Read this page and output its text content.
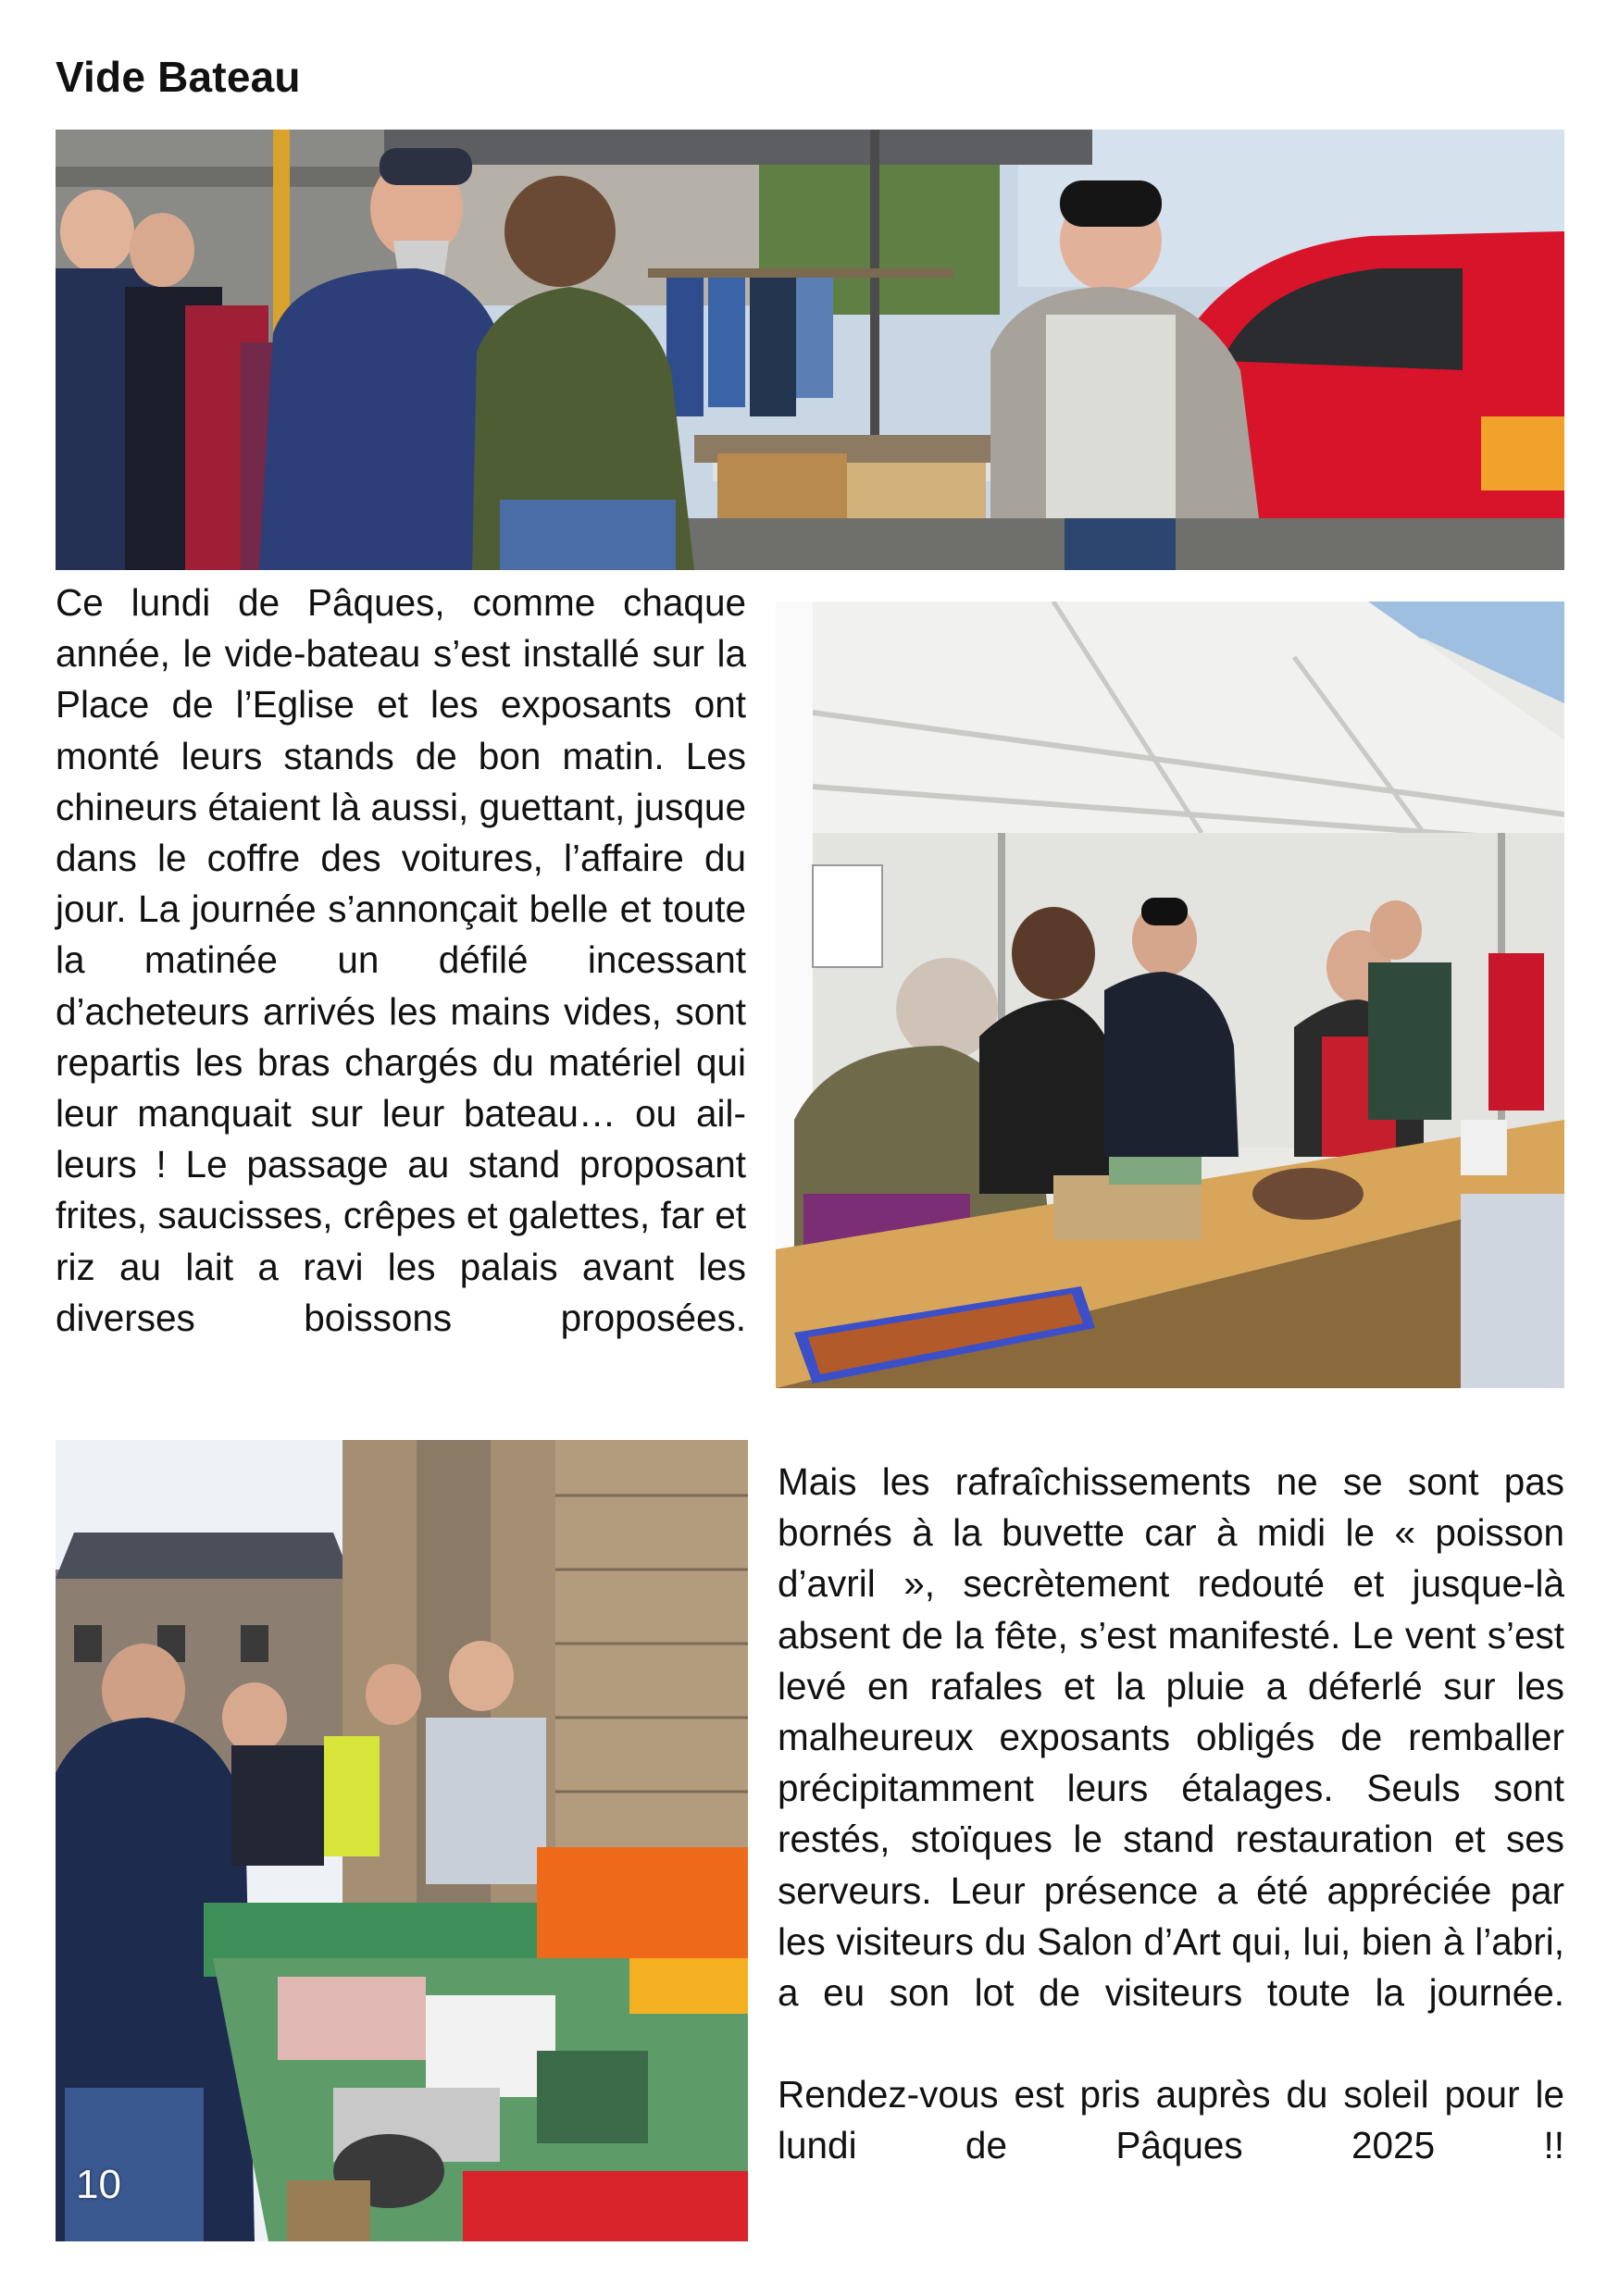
Vide Bateau

Ce lundi de Pâques, comme chaque année, le vide-bateau s’est installé sur la Place de l’Eglise et les exposants ont monté leurs stands de bon matin. Les chineurs étaient là aussi, guettant, jusque dans le coffre des voitures, l’affaire du jour. La journée s’annonçait belle et toute la matinée un défilé incessant d’acheteurs arrivés les mains vides, sont repartis les bras chargés du matériel qui leur manquait sur leur bateau… ou ailleurs ! Le passage au stand proposant frites, saucisses, crêpes et galettes, far et riz au lait a ravi les palais avant les diverses boissons proposées.

10

Mais les rafraîchissements ne se sont pas bornés à la buvette car à midi le « poisson d’avril », secrètement redouté et jusque-là absent de la fête, s’est manifesté. Le vent s’est levé en rafales et la pluie a déferlé sur les malheureux exposants obligés de remballer précipitamment leurs étalages. Seuls sont restés, stoïques le stand restauration et ses serveurs. Leur présence a été appréciée par les visiteurs du Salon d’Art qui, lui, bien à l’abri, a eu son lot de visiteurs toute la journée.

Rendez-vous est pris auprès du soleil pour le lundi de Pâques 2025 !!
